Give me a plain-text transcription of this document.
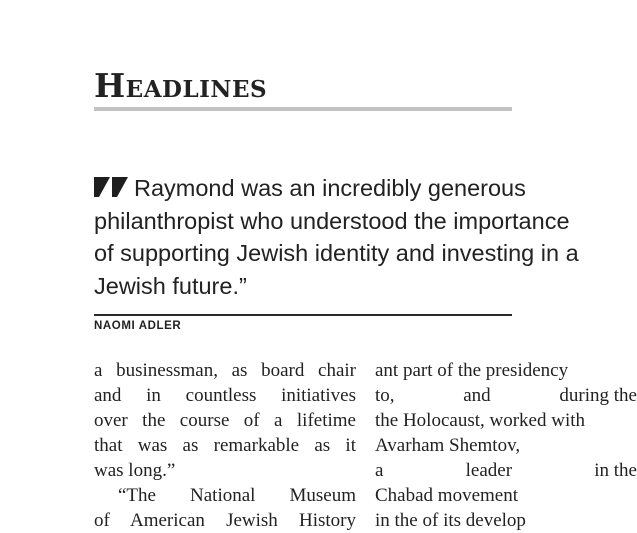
Headlines
Raymond was an incredibly generous
philanthropist who understood the importance
of supporting Jewish identity and investing in a
Jewish future.”
NAOMI ADLER
a businessman, as board chair
and in countless initiatives
over the course of a lifetime
that was as remarkable as it
was long.”
“The National Museum
of American Jewish History
ant part of the presidency
to,	and	during the
the Holocaust, worked with
Avarham Shemtov,
a	leader	in the
Chabad movement
in the of its develop
